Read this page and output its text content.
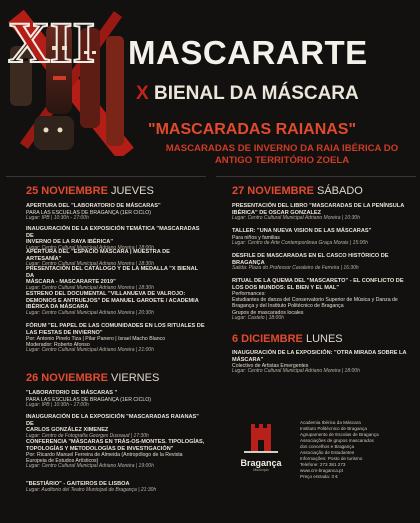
XII MASCARARTE
X BIENAL DA MÁSCARA
"MASCARADAS RAIANAS"
MASCARADAS DE INVERNO DA RAIA IBÉRICA DO
ANTIGO TERRITÓRIO ZOELA
25 NOVIEMBRE JUEVES
APERTURA DEL "LABORATORIO DE MÁSCARAS"
PARA LAS ESCUELAS DE BRAGANÇA (1ER CICLO)
Lugar: IPB | 10:30h - 17:00h
INAUGURACIÓN DE LA EXPOSICIÓN TEMÁTICA "MASCARADAS DE
INVERNO DE LA RAYA IBÉRICA"
Lugar: Centro Cultural Municipal Adriano Moreira | 18:00h
APERTURA DEL "ESPACIO MÁSCARA | MUESTRA DE ARTESANÍA"
Lugar: Centro Cultural Municipal Adriano Moreira | 18:30h
PRESENTACIÓN DEL CATÁLOGO Y DE LA MEDALLA "X BIENAL DA
MÁSCARA - MASCARARTE 2019"
Lugar: Centro Cultural Municipal Adriano Moreira | 18:30h
ESTRENO DEL DOCUMENTAL "VILLANUEVA DE VALROJO:
DEMONIOS E ANTRUEJOS" DE MANUEL GAROETE / ACADEMIA
IBÉRICA DA MÁSCARA
Lugar: Centro Cultural Municipal Adriano Moreira | 20:30h
FÓRUM "EL PAPEL DE LAS COMUNIDADES EN LOS RITUALES DE
LAS FIESTAS DE INVIERNO"
Por: Antonio Pinelo Tiza | Pilar Panero | Israel Macho Blanco
Moderador: Roberto Afonso
Lugar: Centro Cultural Municipal Adriano Moreira | 21:00h
26 NOVIEMBRE VIERNES
"LABORATORIO DE MÁSCARAS "
PARA LAS ESCUELAS DE BRAGANÇA (1ER CICLO)
Lugar: IPB | 10:30h - 17:00h
INAUGURACIÓN DE LA EXPOSICIÓN "MASCARADAS RAIANAS" DE
CARLOS GONZÁLEZ XIMENEZ
Lugar: Centro de Fotografía Georges Dussaud | 17:30h
CONFERENCIA "MÁSCARAS EN TRÁS-OS-MONTES. TIPOLOGÍAS,
TOPOLOGÍAS Y METODOLOGÍAS DE INVESTIGACIÓN"
Por: Ricardo Manuel Ferreira de Almeida (Antropólogo de la Revista
Europeia de Estudos Artísticos)
Lugar: Centro Cultural Municipal Adriano Moreira | 19:00h
"BESTIÁRIO" - GAITEIROS DE LISBOA
Lugar: Auditorio del Teatro Municipal de Bragança | 21:30h
27 NOVIEMBRE SÁBADO
PRESENTACIÓN DEL LIBRO "MASCARADAS DE LA PENÍNSULA
IBÉRICA" DE OSCAR GONZALEZ
Lugar: Centro Cultural Municipal Adriano Moreira | 10:30h
TALLER: "UNA NUEVA VISION DE LAS MÁSCARAS"
Para niños y familias
Lugar: Centro de Arte Contemporânea Graça Morais | 15:00h
DESFILE DE MASCARADAS EN EL CASCO HISTÓRICO DE
BRAGANÇA
Salida: Plaza do Professor Cavaleiro de Ferreira | 16:30h
RITUAL DE LA QUEMA DEL "MASCARETO" - EL CONFLICTO DE
LOS DOS MUNDOS: EL BIEN Y EL MAL"
Performances:
Estudiantes de danza del Conservatorio Superior de Música y Danza de
Bragança y del Instituto Politécnico de Bragança
Grupos de mascarados locales
Lugar: Castelo | 18:00h
6 DICIEMBRE LUNES
INAUGURACIÓN DE LA EXPOSICIÓN: "OTRA MIRADA SOBRE LA
MÁSCARA"
Colectivo de Artistas Emergentes
Lugar: Centro Cultural Municipal Adriano Moreira | 18:00h
Bragança
Município
Academia Ibérica da Máscara
Instituto Politécnico de Bragança
Agrupamento de Escolas de Bragança
Associações de grupos mascarados
dos concelhos e Bragança
Associação de Estudantes
Informações: Posto de turismo
Telefone: 273 381 273
www.cm-braganca.pt
Preço entrada: 3 €
